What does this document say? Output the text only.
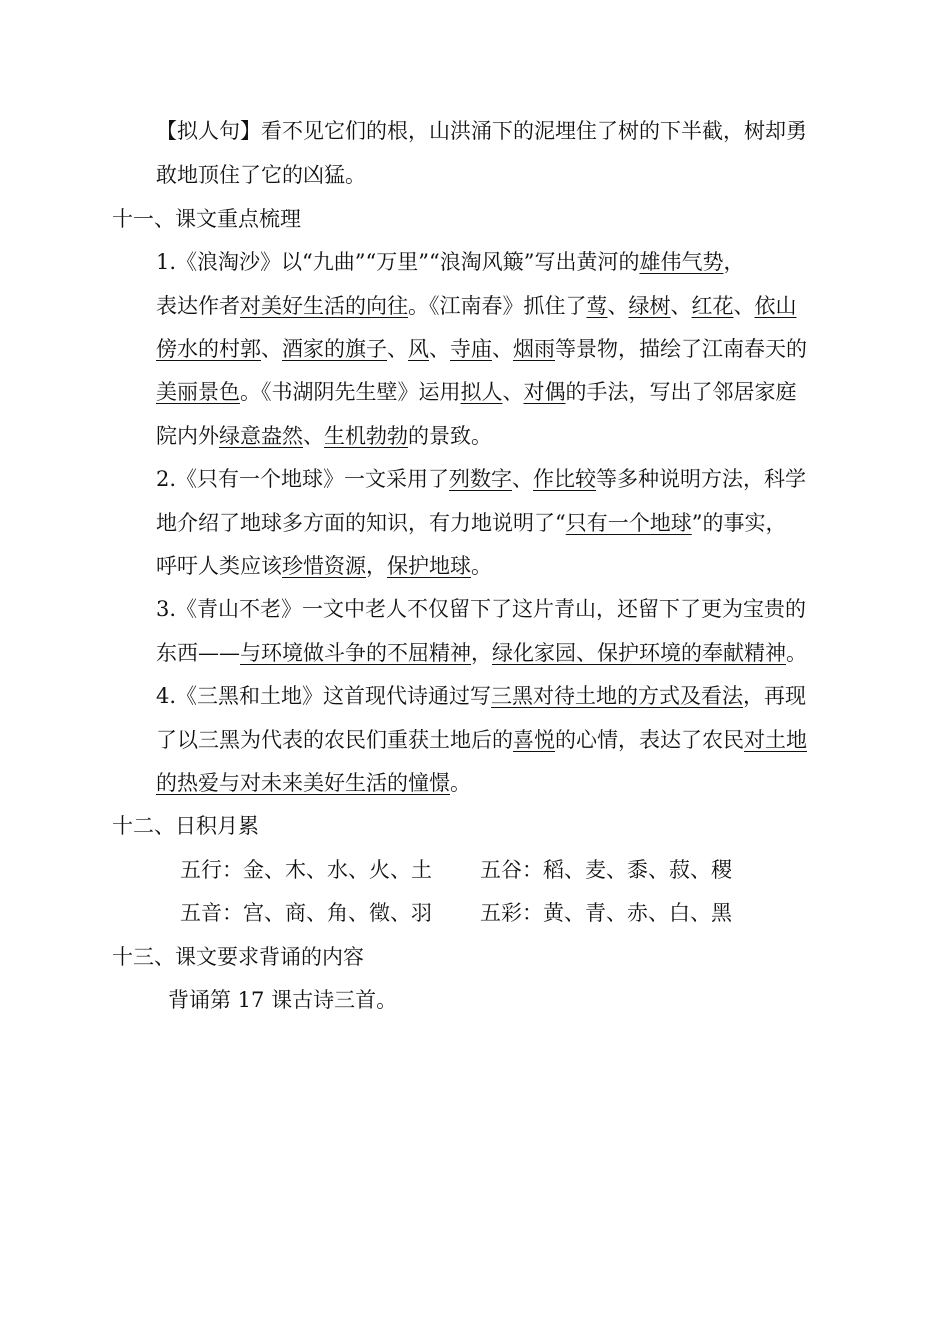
【拟人句】看不见它们的根，山洪涌下的泥埋住了树的下半截，树却勇
敢地顶住了它的凶猛。
十一、课文重点梳理
1.《浪淘沙》以“九曲”“万里”“浪淘风簸”写出黄河的雄伟气势，
表达作者对美好生活的向往。《江南春》抓住了莺、绿树、红花、依山
傍水的村郭、酒家的旗子、风、寺庙、烟雨等景物，描绘了江南春天的
美丽景色。《书湖阴先生壁》运用拟人、对偶的手法，写出了邻居家庭
院内外绿意盎然、生机勃勃的景致。
2.《只有一个地球》一文采用了列数字、作比较等多种说明方法，科学
地介绍了地球多方面的知识，有力地说明了“只有一个地球”的事实，
呼吁人类应该珍惜资源，保护地球。
3.《青山不老》一文中老人不仅留下了这片青山，还留下了更为宝贵的
东西——与环境做斗争的不屈精神，绿化家园、保护环境的奉献精神。
4.《三黑和土地》这首现代诗通过写三黑对待土地的方式及看法，再现
了以三黑为代表的农民们重获土地后的喜悦的心情，表达了农民对土地
的热爱与对未来美好生活的憧憬。
十二、日积月累
五行：金、木、水、火、土 五谷：稻、麦、黍、菽、稷
五音：宫、商、角、徵、羽 五彩：黄、青、赤、白、黑
十三、课文要求背诵的内容
背诵第 17 课古诗三首。
